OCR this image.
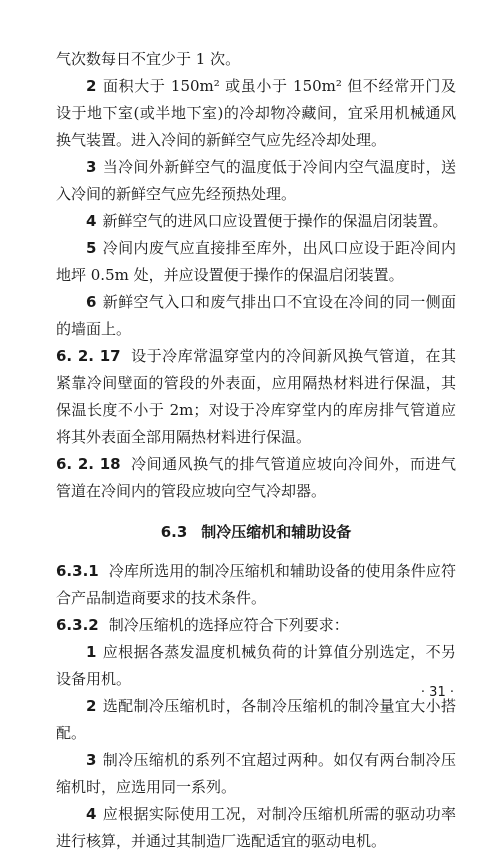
气次数每日不宜少于 1 次。

2 面积大于 150m² 或虽小于 150m² 但不经常开门及设于地下室(或半地下室)的冷却物冷藏间，宜采用机械通风换气装置。进入冷间的新鲜空气应先经冷却处理。

3 当冷间外新鲜空气的温度低于冷间内空气温度时，送入冷间的新鲜空气应先经预热处理。

4 新鲜空气的进风口应设置便于操作的保温启闭装置。

5 冷间内废气应直接排至库外，出风口应设于距冷间内地坪 0.5m 处，并应设置便于操作的保温启闭装置。

6 新鲜空气入口和废气排出口不宜设在冷间的同一侧面的墙面上。

6. 2. 17 设于冷库常温穿堂内的冷间新风换气管道，在其紧靠冷间壁面的管段的外表面，应用隔热材料进行保温，其保温长度不小于 2m；对设于冷库穿堂内的库房排气管道应将其外表面全部用隔热材料进行保温。

6. 2. 18 冷间通风换气的排气管道应坡向冷间外，而进气管道在冷间内的管段应坡向空气冷却器。

6.3 制冷压缩机和辅助设备

6.3.1 冷库所选用的制冷压缩机和辅助设备的使用条件应符合产品制造商要求的技术条件。

6.3.2 制冷压缩机的选择应符合下列要求：

1 应根据各蒸发温度机械负荷的计算值分别选定，不另设备用机。

2 选配制冷压缩机时，各制冷压缩机的制冷量宜大小搭配。

3 制冷压缩机的系列不宜超过两种。如仅有两台制冷压缩机时，应选用同一系列。

4 应根据实际使用工况，对制冷压缩机所需的驱动功率进行核算，并通过其制造厂选配适宜的驱动电机。

· 31 ·
